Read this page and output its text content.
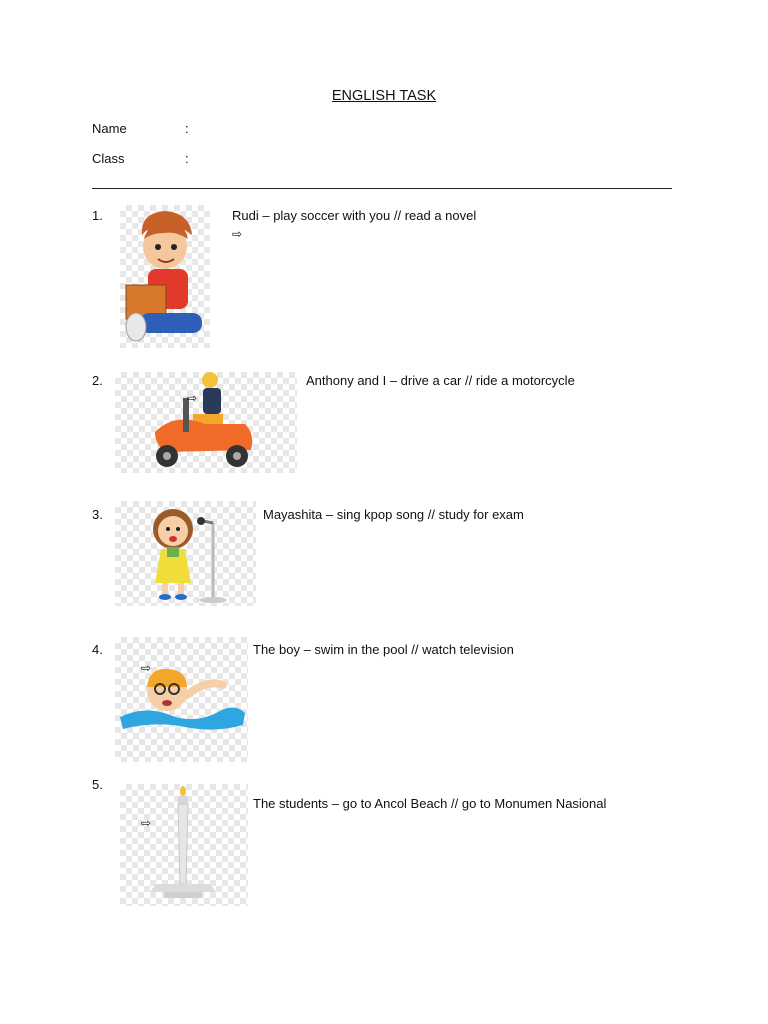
ENGLISH TASK
Name	:
Class	:
1.	Rudi – play soccer with you // read a novel
⇨
2.
⇨
Anthony and I – drive a car // ride a motorcycle
3.	Mayashita – sing kpop song // study for exam
4.
⇨
The boy – swim in the pool // watch television
5.
⇨
The students – go to Ancol Beach // go to Monumen Nasional
